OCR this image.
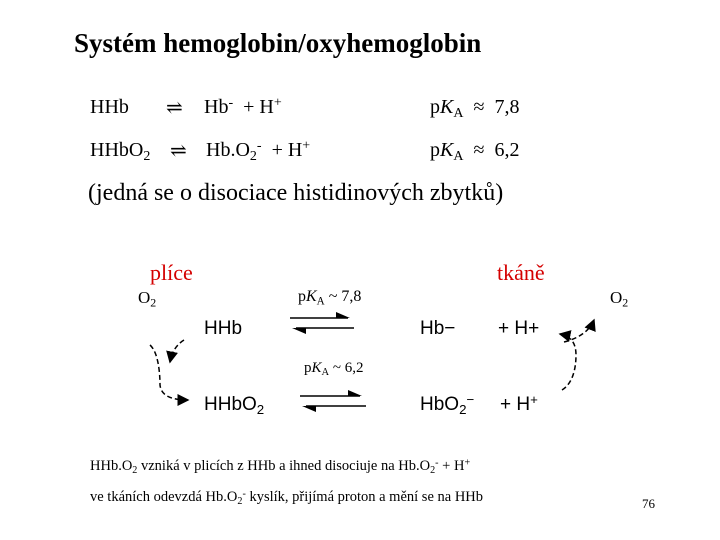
Systém hemoglobin/oxyhemoglobin
HHb ⇌ Hb- + H+	$pK_A \approx 7,8$
HHbO$_2$ ⇌ $Hb.O_2^- + H^+$	$pK_A \approx 6,2$
(jedná se o disociace histidinových zbytků)
plíce	tkáně
$O_2$	$O_2$
$pK_A$ ~ 7,8
$pK_A$ ~ 6,2
HHb	Hb− + H+
HHbO$_2$	HbO$_2$− + H+
$HHb.O_2$ vzniká v plicích z HHb a ihned disociuje na $Hb.O_2^- + H^+$
ve tkáních odevzdá $Hb.O_2^-$ kyslík, přijímá proton a mění se na HHb	76
